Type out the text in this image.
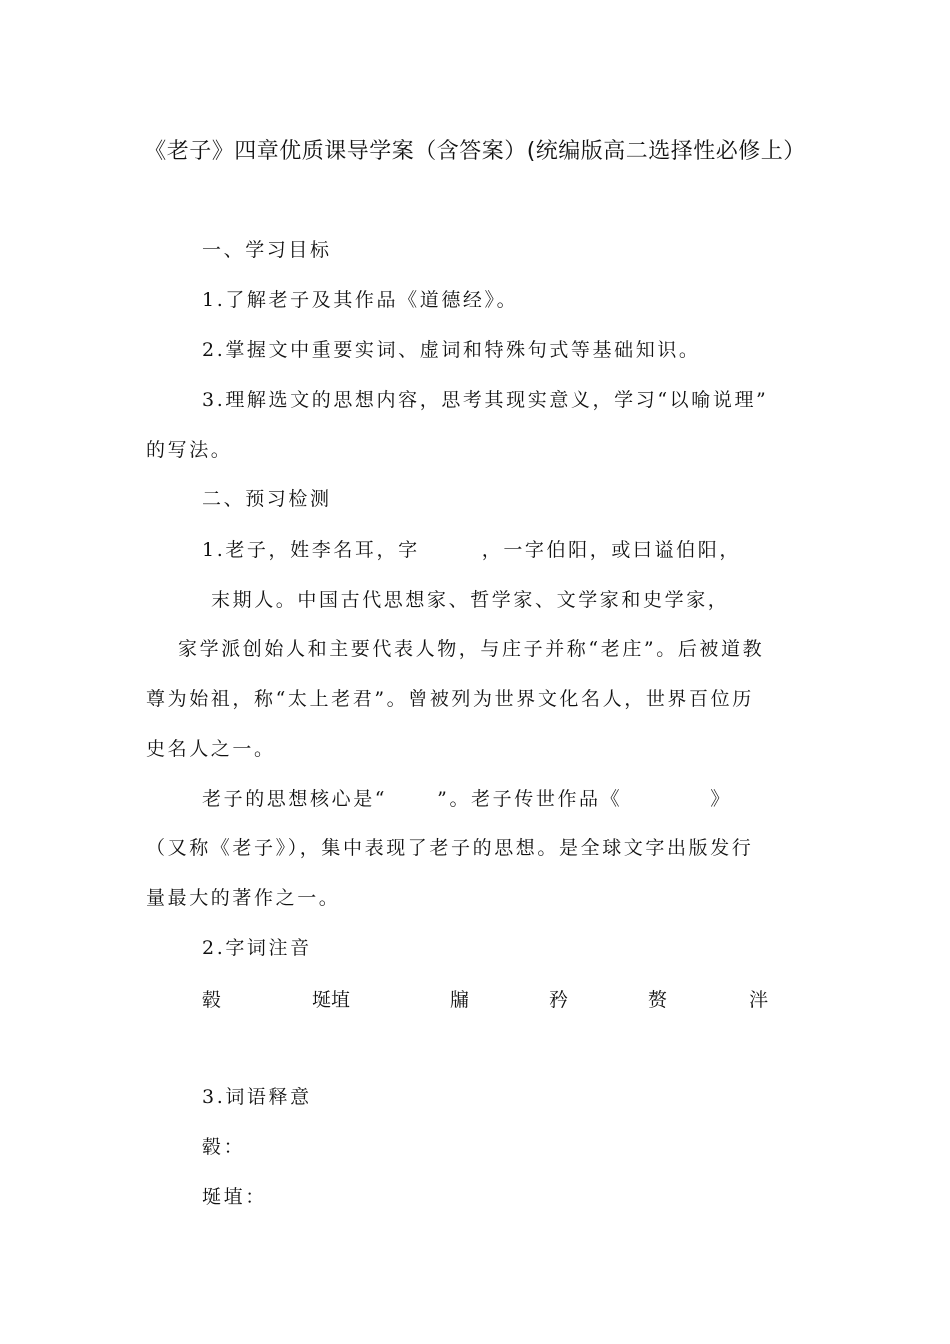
《老子》四章优质课导学案（含答案）(统编版高二选择性必修上）
一、学习目标
1.了解老子及其作品《道德经》。
2.掌握文中重要实词、虚词和特殊句式等基础知识。
3.理解选文的思想内容，思考其现实意义，学习“以喻说理”
的写法。
二、预习检测
1.老子，姓李名耳，字	，一字伯阳，或曰谥伯阳，
末期人。中国古代思想家、哲学家、文学家和史学家，
家学派创始人和主要代表人物，与庄子并称“老庄”。后被道教
尊为始祖，称“太上老君”。曾被列为世界文化名人，世界百位历
史名人之一。
老子的思想核心是“	”。老子传世作品《	》
（又称《老子》），集中表现了老子的思想。是全球文字出版发行
量最大的著作之一。
2.字词注音
毂	埏埴	牖	矜	赘	泮
3.词语释意
毂：
埏埴：
